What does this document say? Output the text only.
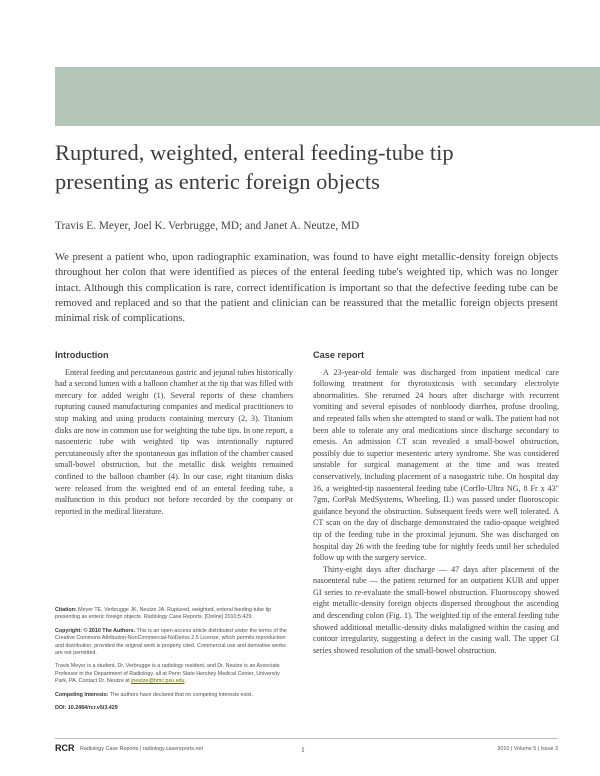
Ruptured, weighted, enteral feeding-tube tip
presenting as enteric foreign objects

Travis E. Meyer, Joel K. Verbrugge, MD; and Janet A. Neutze, MD

We present a patient who, upon radiographic examination, was found to have eight metallic-density foreign objects throughout her colon that were identified as pieces of the enteral feeding tube's weighted tip, which was no longer intact. Although this complication is rare, correct identification is important so that the defective feeding tube can be removed and replaced and so that the patient and clinician can be reassured that the metallic foreign objects present minimal risk of complications.

Introduction

Enteral feeding and percutaneous gastric and jejunal tubes historically had a second lumen with a balloon chamber at the tip that was filled with mercury for added weight (1). Several reports of these chambers rupturing caused manufacturing companies and medical practitioners to stop making and using products containing mercury (2, 3). Titanium disks are now in common use for weighting the tube tips. In one report, a nasoenteric tube with weighted tip was intentionally ruptured percutaneously after the spontaneous gas inflation of the chamber caused small-bowel obstruction, but the metallic disk weights remained confined to the balloon chamber (4). In our case, eight titanium disks were released from the weighted end of an enteral feeding tube, a malfunction in this product not before recorded by the company or reported in the medical literature.

Case report

A 23-year-old female was discharged from inpatient medical care following treatment for thyrotoxicosis with secondary electrolyte abnormalities. She returned 24 hours after discharge with recurrent vomiting and several episodes of nonbloody diarrhea, profuse drooling, and repeated falls when she attempted to stand or walk. The patient had not been able to tolerate any oral medications since discharge secondary to emesis. An admission CT scan revealed a small-bowel obstruction, possibly due to superior mesenteric artery syndrome. She was considered unstable for surgical management at the time and was treated conservatively, including placement of a nasogastric tube. On hospital day 16, a weighted-tip nasoenteral feeding tube (Corflo-Ultra NG, 8 Fr x 43" 7gm, CorPak MedSystems, Wheeling, IL) was passed under fluoroscopic guidance beyond the obstruction. Subsequent feeds were well tolerated. A CT scan on the day of discharge demonstrated the radio-opaque weighted tip of the feeding tube in the proximal jejunum. She was discharged on hospital day 26 with the feeding tube for nightly feeds until her scheduled follow up with the surgery service.

Thirty-eight days after discharge — 47 days after placement of the nasoenteral tube — the patient returned for an outpatient KUB and upper GI series to re-evaluate the small-bowel obstruction. Fluoroscopy showed eight metallic-density foreign objects dispersed throughout the ascending and descending colon (Fig. 1). The weighted tip of the enteral feeding tube showed additional metallic-density disks malaligned within the casing and contour irregularity, suggesting a defect in the casing wall. The upper GI series showed resolution of the small-bowel obstruction.

Citation: Meyer TE, Verbrugge JK, Neutze JA. Ruptured, weighted, enteral feeding-tube tip presenting as enteric foreign objects. Radiology Case Reports. [Online] 2010;5:429.

Copyright: © 2010 The Authors. This is an open-access article distributed under the terms of the Creative Commons Attribution-NonCommercial-NoDerivs 2.5 License, which permits reproduction and distribution, provided the original work is properly cited. Commercial use and derivative works are not permitted.

Travis Meyer is a student, Dr. Verbrugge is a radiology resident, and Dr. Neutze is an Associate Professor in the Department of Radiology, all at Penn State Hershey Medical Center, University Park, PA. Contact Dr. Neutze at jneutze@hmc.psu.edu.

Competing Interests: The authors have declared that no competing interests exist.

DOI: 10.2484/rcr.v5i3.429

RCR Radiology Case Reports | radiology.casereports.net	1	2010 | Volume 5 | Issue 3
